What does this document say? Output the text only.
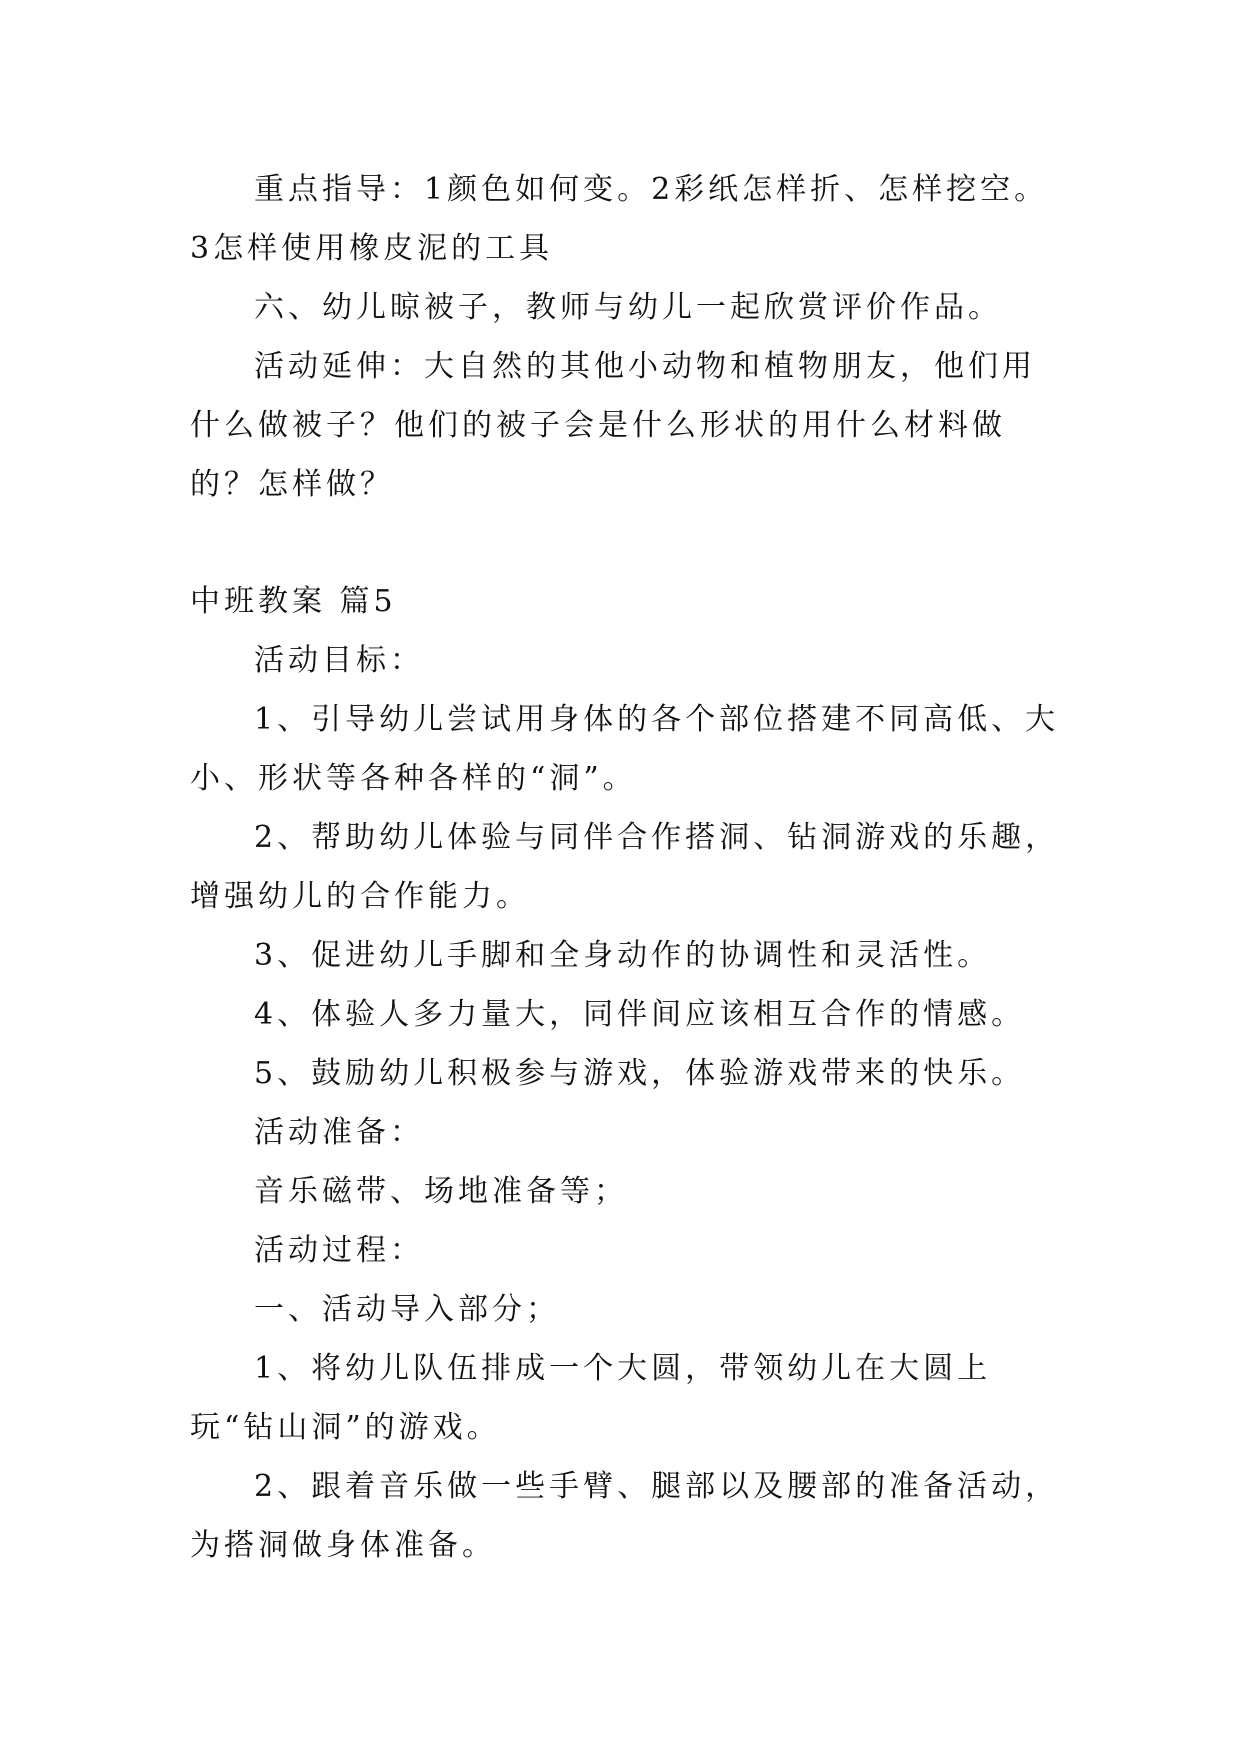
重点指导：1颜色如何变。2彩纸怎样折、怎样挖空。3怎样使用橡皮泥的工具

六、幼儿晾被子，教师与幼儿一起欣赏评价作品。

活动延伸：大自然的其他小动物和植物朋友，他们用什么做被子？他们的被子会是什么形状的用什么材料做的？怎样做？

中班教案 篇5

活动目标：

1、引导幼儿尝试用身体的各个部位搭建不同高低、大小、形状等各种各样的“洞”。

2、帮助幼儿体验与同伴合作搭洞、钻洞游戏的乐趣，增强幼儿的合作能力。

3、促进幼儿手脚和全身动作的协调性和灵活性。

4、体验人多力量大，同伴间应该相互合作的情感。

5、鼓励幼儿积极参与游戏，体验游戏带来的快乐。

活动准备：

音乐磁带、场地准备等；

活动过程：

一、活动导入部分；

1、将幼儿队伍排成一个大圆，带领幼儿在大圆上玩“钻山洞”的游戏。

2、跟着音乐做一些手臂、腿部以及腰部的准备活动，为搭洞做身体准备。
